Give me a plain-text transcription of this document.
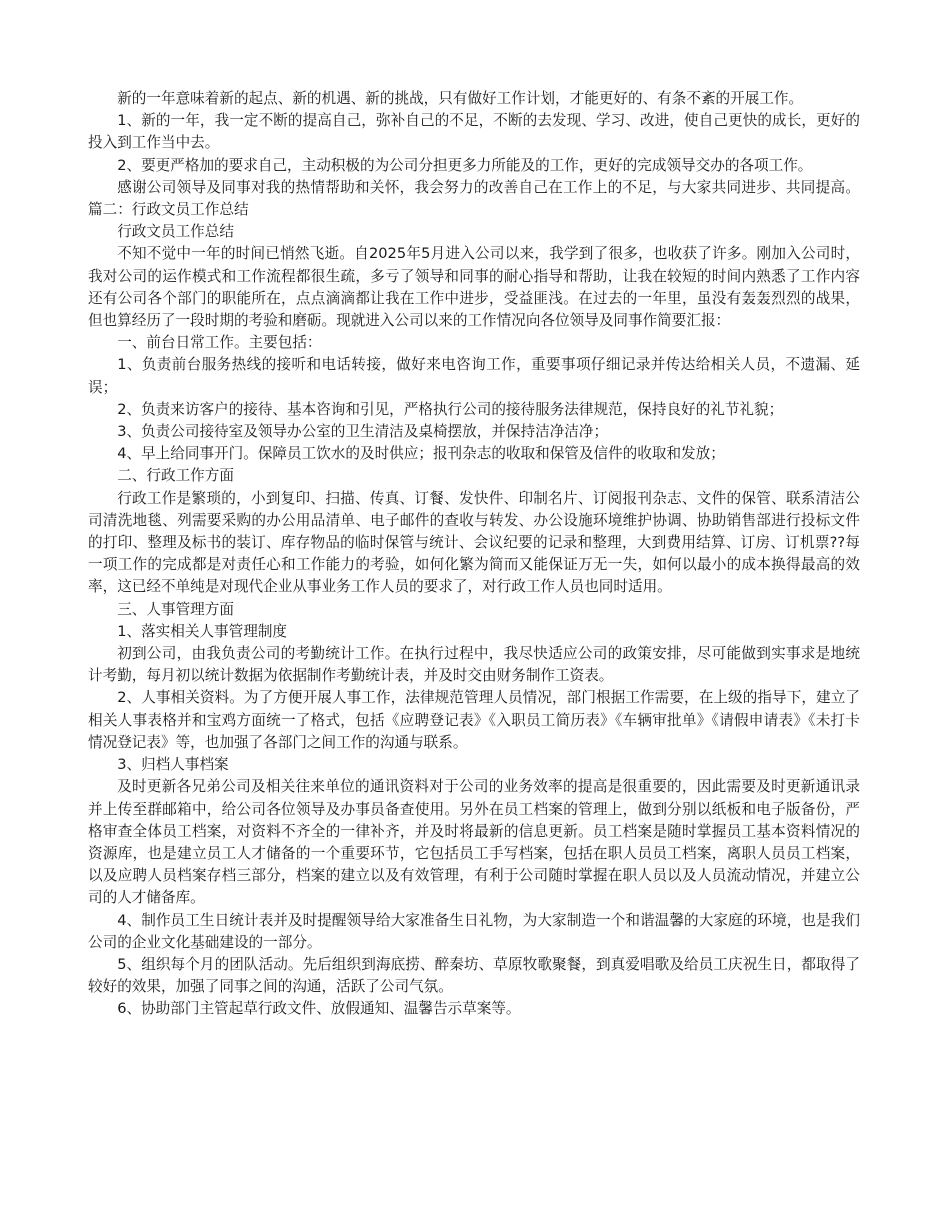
新的一年意味着新的起点、新的机遇、新的挑战，只有做好工作计划，才能更好的、有条不紊的开展工作。

1、新的一年，我一定不断的提高自己，弥补自己的不足，不断的去发现、学习、改进，使自己更快的成长，更好的投入到工作当中去。

2、要更严格加的要求自己，主动积极的为公司分担更多力所能及的工作，更好的完成领导交办的各项工作。

感谢公司领导及同事对我的热情帮助和关怀，我会努力的改善自己在工作上的不足，与大家共同进步、共同提高。篇二：行政文员工作总结

行政文员工作总结

不知不觉中一年的时间已悄然飞逝。自2025年5月进入公司以来，我学到了很多，也收获了许多。刚加入公司时，我对公司的运作模式和工作流程都很生疏，多亏了领导和同事的耐心指导和帮助，让我在较短的时间内熟悉了工作内容还有公司各个部门的职能所在，点点滴滴都让我在工作中进步，受益匪浅。在过去的一年里，虽没有轰轰烈烈的战果，但也算经历了一段时期的考验和磨砺。现就进入公司以来的工作情况向各位领导及同事作简要汇报：

一、前台日常工作。主要包括：

1、负责前台服务热线的接听和电话转接，做好来电咨询工作，重要事项仔细记录并传达给相关人员，不遗漏、延误；

2、负责来访客户的接待、基本咨询和引见，严格执行公司的接待服务法律规范，保持良好的礼节礼貌；

3、负责公司接待室及领导办公室的卫生清洁及桌椅摆放，并保持洁净洁净；

4、早上给同事开门。保障员工饮水的及时供应；报刊杂志的收取和保管及信件的收取和发放；

二、行政工作方面

行政工作是繁琐的，小到复印、扫描、传真、订餐、发快件、印制名片、订阅报刊杂志、文件的保管、联系清洁公司清洗地毯、列需要采购的办公用品清单、电子邮件的查收与转发、办公设施环境维护协调、协助销售部进行投标文件的打印、整理及标书的装订、库存物品的临时保管与统计、会议纪要的记录和整理，大到费用结算、订房、订机票??每一项工作的完成都是对责任心和工作能力的考验，如何化繁为简而又能保证万无一失，如何以最小的成本换得最高的效率，这已经不单纯是对现代企业从事业务工作人员的要求了，对行政工作人员也同时适用。

三、人事管理方面

1、落实相关人事管理制度

初到公司，由我负责公司的考勤统计工作。在执行过程中，我尽快适应公司的政策安排，尽可能做到实事求是地统计考勤，每月初以统计数据为依据制作考勤统计表，并及时交由财务制作工资表。

2、人事相关资料。为了方便开展人事工作，法律规范管理人员情况，部门根据工作需要，在上级的指导下，建立了相关人事表格并和宝鸡方面统一了格式，包括《应聘登记表》《入职员工简历表》《车辆审批单》《请假申请表》《未打卡情况登记表》等，也加强了各部门之间工作的沟通与联系。

3、归档人事档案

及时更新各兄弟公司及相关往来单位的通讯资料对于公司的业务效率的提高是很重要的，因此需要及时更新通讯录并上传至群邮箱中，给公司各位领导及办事员备查使用。另外在员工档案的管理上，做到分别以纸板和电子版备份，严格审查全体员工档案，对资料不齐全的一律补齐，并及时将最新的信息更新。员工档案是随时掌握员工基本资料情况的资源库，也是建立员工人才储备的一个重要环节，它包括员工手写档案，包括在职人员员工档案，离职人员员工档案，以及应聘人员档案存档三部分，档案的建立以及有效管理，有利于公司随时掌握在职人员以及人员流动情况，并建立公司的人才储备库。

4、制作员工生日统计表并及时提醒领导给大家准备生日礼物，为大家制造一个和谐温馨的大家庭的环境，也是我们公司的企业文化基础建设的一部分。

5、组织每个月的团队活动。先后组织到海底捞、醉秦坊、草原牧歌聚餐，到真爱唱歌及给员工庆祝生日，都取得了较好的效果，加强了同事之间的沟通，活跃了公司气氛。

6、协助部门主管起草行政文件、放假通知、温馨告示草案等。
